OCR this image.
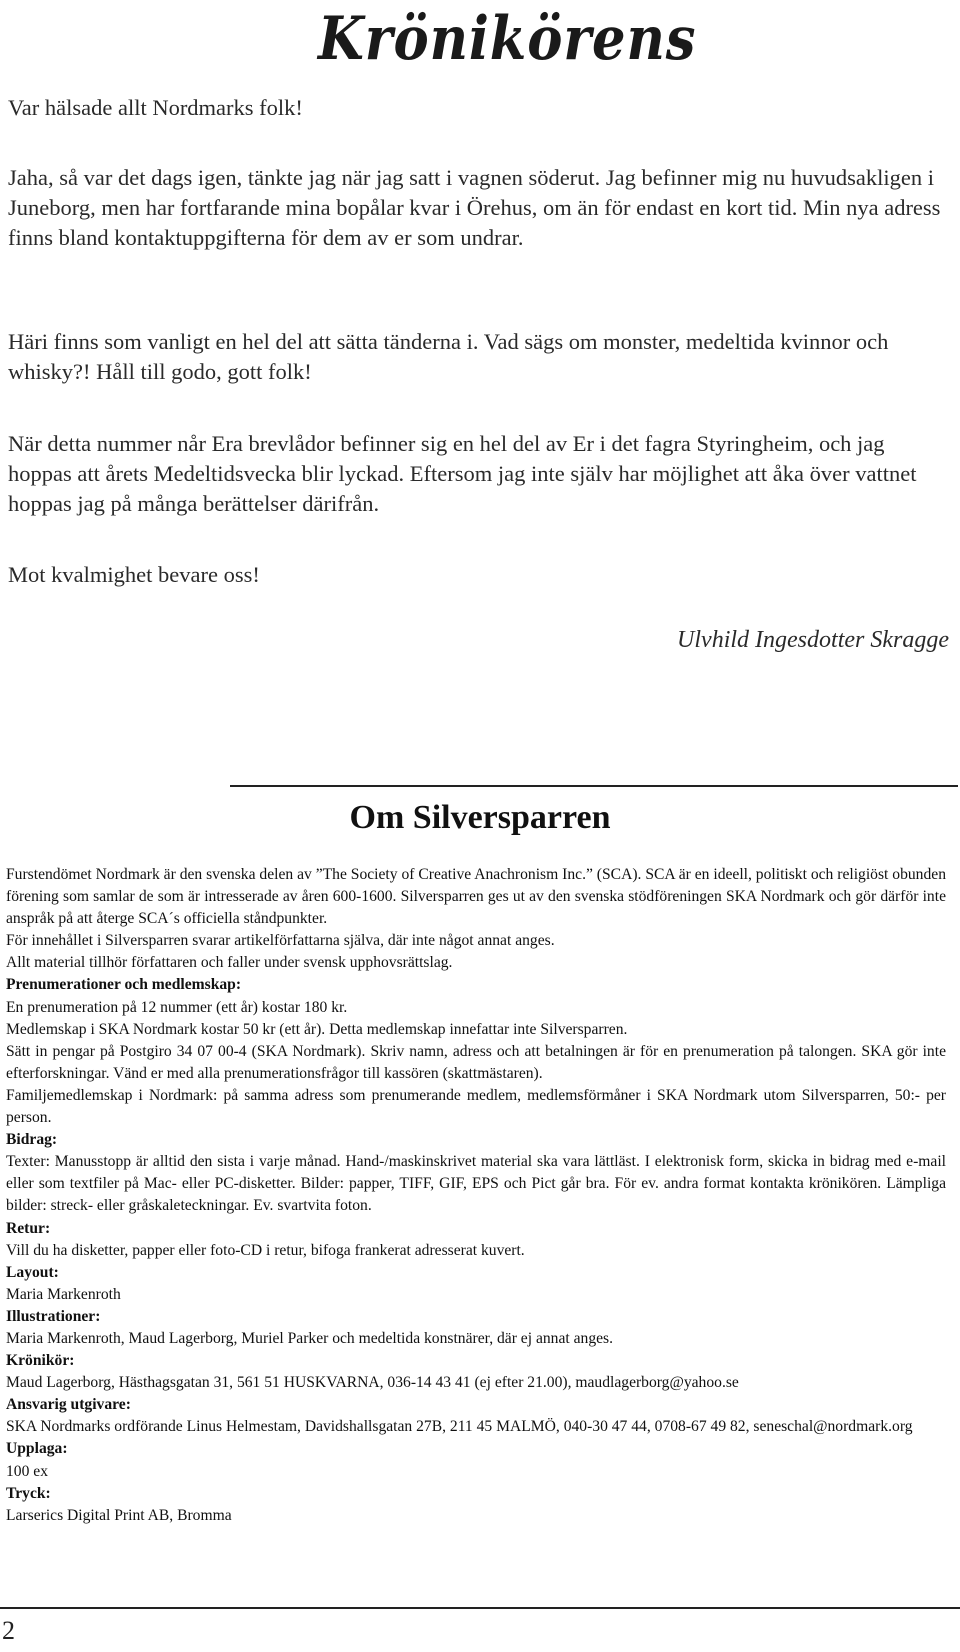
Krönikörens

Var hälsade allt Nordmarks folk!

Jaha, så var det dags igen, tänkte jag när jag satt i vagnen söderut. Jag befinner mig nu huvudsakligen i Juneborg, men har fortfarande mina bopålar kvar i Örehus, om än för endast en kort tid. Min nya adress finns bland kontaktuppgifterna för dem av er som undrar.

Häri finns som vanligt en hel del att sätta tänderna i. Vad sägs om monster, medeltida kvinnor och whisky?! Håll till godo, gott folk!

När detta nummer når Era brevlådor befinner sig en hel del av Er i det fagra Styringheim, och jag hoppas att årets Medeltidsvecka blir lyckad. Eftersom jag inte själv har möjlighet att åka över vattnet hoppas jag på många berättelser därifrån.

Mot kvalmighet bevare oss!

Ulvhild Ingesdotter Skragge
Om Silversparren

Furstendömet Nordmark är den svenska delen av ”The Society of Creative Anachronism Inc.” (SCA). SCA är en ideell, politiskt och religiöst obunden förening som samlar de som är intresserade av åren 600-1600. Silversparren ges ut av den svenska stödföreningen SKA Nordmark och gör därför inte anspråk på att återge SCA´s officiella ståndpunkter.

För innehållet i Silversparren svarar artikelförfattarna själva, där inte något annat anges.

Allt material tillhör författaren och faller under svensk upphovsrättslag.

Prenumerationer och medlemskap:

En prenumeration på 12 nummer (ett år) kostar 180 kr.

Medlemskap i SKA Nordmark kostar 50 kr (ett år). Detta medlemskap innefattar inte Silversparren.

Sätt in pengar på Postgiro 34 07 00-4 (SKA Nordmark). Skriv namn, adress och att betalningen är för en prenumeration på talongen. SKA gör inte efterforskningar. Vänd er med alla prenumerationsfrågor till kassören (skattmästaren).

Familjemedlemskap i Nordmark: på samma adress som prenumerande medlem, medlemsförmåner i SKA Nordmark utom Silversparren, 50:- per person.

Bidrag:

Texter: Manusstopp är alltid den sista i varje månad. Hand-/maskinskrivet material ska vara lättläst. I elektronisk form, skicka in bidrag med e-mail eller som textfiler på Mac- eller PC-disketter. Bilder: papper, TIFF, GIF, EPS och Pict går bra. För ev. andra format kontakta krönikören. Lämpliga bilder: streck- eller gråskaleteckningar. Ev. svartvita foton.

Retur:

Vill du ha disketter, papper eller foto-CD i retur, bifoga frankerat adresserat kuvert.

Layout:

Maria Markenroth

Illustrationer:

Maria Markenroth, Maud Lagerborg, Muriel Parker och medeltida konstnärer, där ej annat anges.

Krönikör:

Maud Lagerborg, Hästhagsgatan 31, 561 51 HUSKVARNA, 036-14 43 41 (ej efter 21.00), maudlagerborg@yahoo.se

Ansvarig utgivare:

SKA Nordmarks ordförande Linus Helmestam, Davidshallsgatan 27B, 211 45 MALMÖ, 040-30 47 44, 0708-67 49 82, seneschal@nordmark.org

Upplaga:

100 ex

Tryck:

Larserics Digital Print AB, Bromma

2
